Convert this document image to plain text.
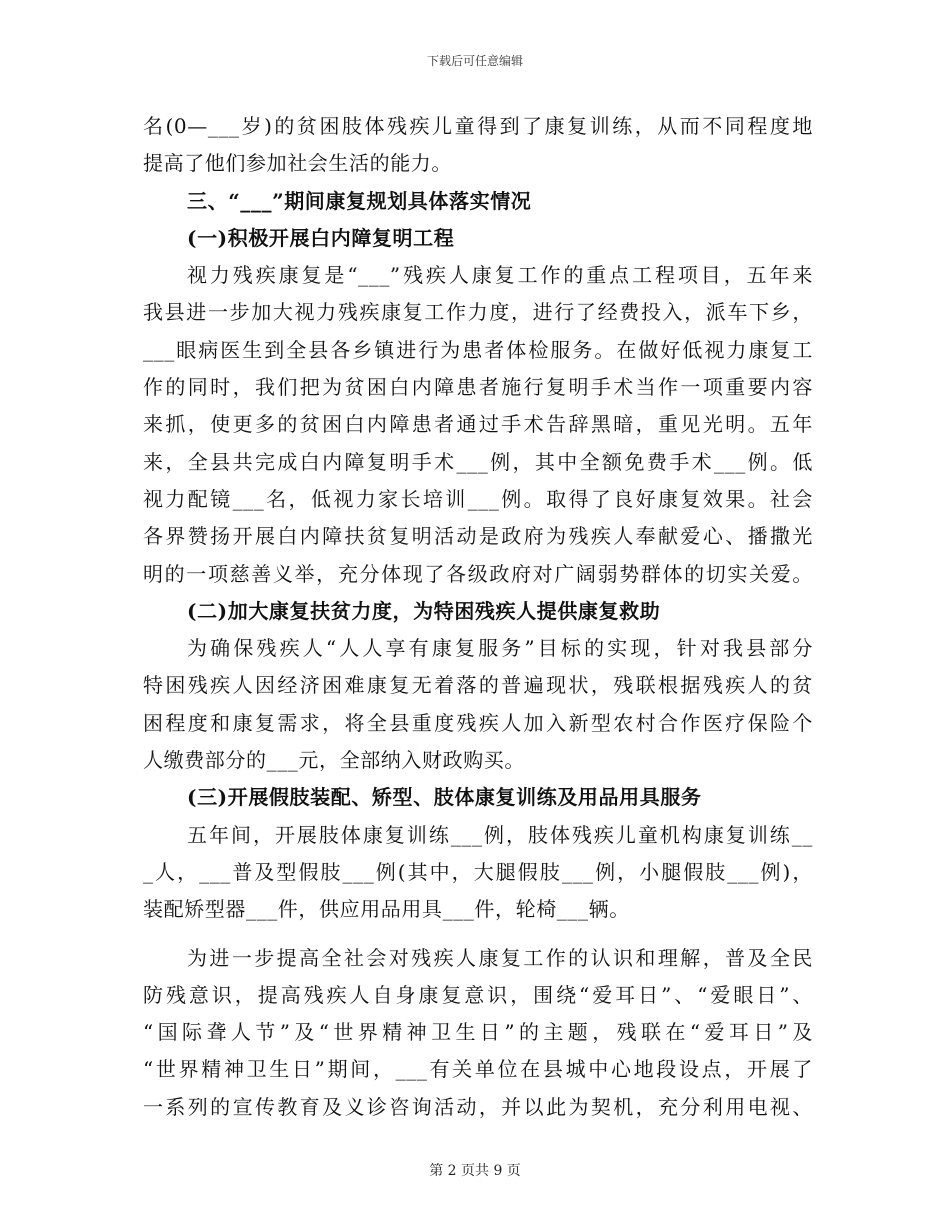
下载后可任意编辑
名(0—___岁)的贫困肢体残疾儿童得到了康复训练，从而不同程度地
提高了他们参加社会生活的能力。
三、“___”期间康复规划具体落实情况
(一)积极开展白内障复明工程
视力残疾康复是“___”残疾人康复工作的重点工程项目，五年来
我县进一步加大视力残疾康复工作力度，进行了经费投入，派车下乡，
___眼病医生到全县各乡镇进行为患者体检服务。在做好低视力康复工
作的同时，我们把为贫困白内障患者施行复明手术当作一项重要内容
来抓，使更多的贫困白内障患者通过手术告辞黑暗，重见光明。五年
来，全县共完成白内障复明手术___例，其中全额免费手术___例。低
视力配镜___名，低视力家长培训___例。取得了良好康复效果。社会
各界赞扬开展白内障扶贫复明活动是政府为残疾人奉献爱心、播撒光
明的一项慈善义举，充分体现了各级政府对广阔弱势群体的切实关爱。
(二)加大康复扶贫力度，为特困残疾人提供康复救助
为确保残疾人“人人享有康复服务”目标的实现，针对我县部分
特困残疾人因经济困难康复无着落的普遍现状，残联根据残疾人的贫
困程度和康复需求，将全县重度残疾人加入新型农村合作医疗保险个
人缴费部分的___元，全部纳入财政购买。
(三)开展假肢装配、矫型、肢体康复训练及用品用具服务
五年间，开展肢体康复训练___例，肢体残疾儿童机构康复训练__
_人，___普及型假肢___例(其中，大腿假肢___例，小腿假肢___例)，
装配矫型器___件，供应用品用具___件，轮椅___辆。
为进一步提高全社会对残疾人康复工作的认识和理解，普及全民
防残意识，提高残疾人自身康复意识，围绕“爱耳日”、“爱眼日”、
“国际聋人节”及“世界精神卫生日”的主题，残联在“爱耳日”及
“世界精神卫生日”期间，___有关单位在县城中心地段设点，开展了
一系列的宣传教育及义诊咨询活动，并以此为契机，充分利用电视、
第 2 页共 9 页
